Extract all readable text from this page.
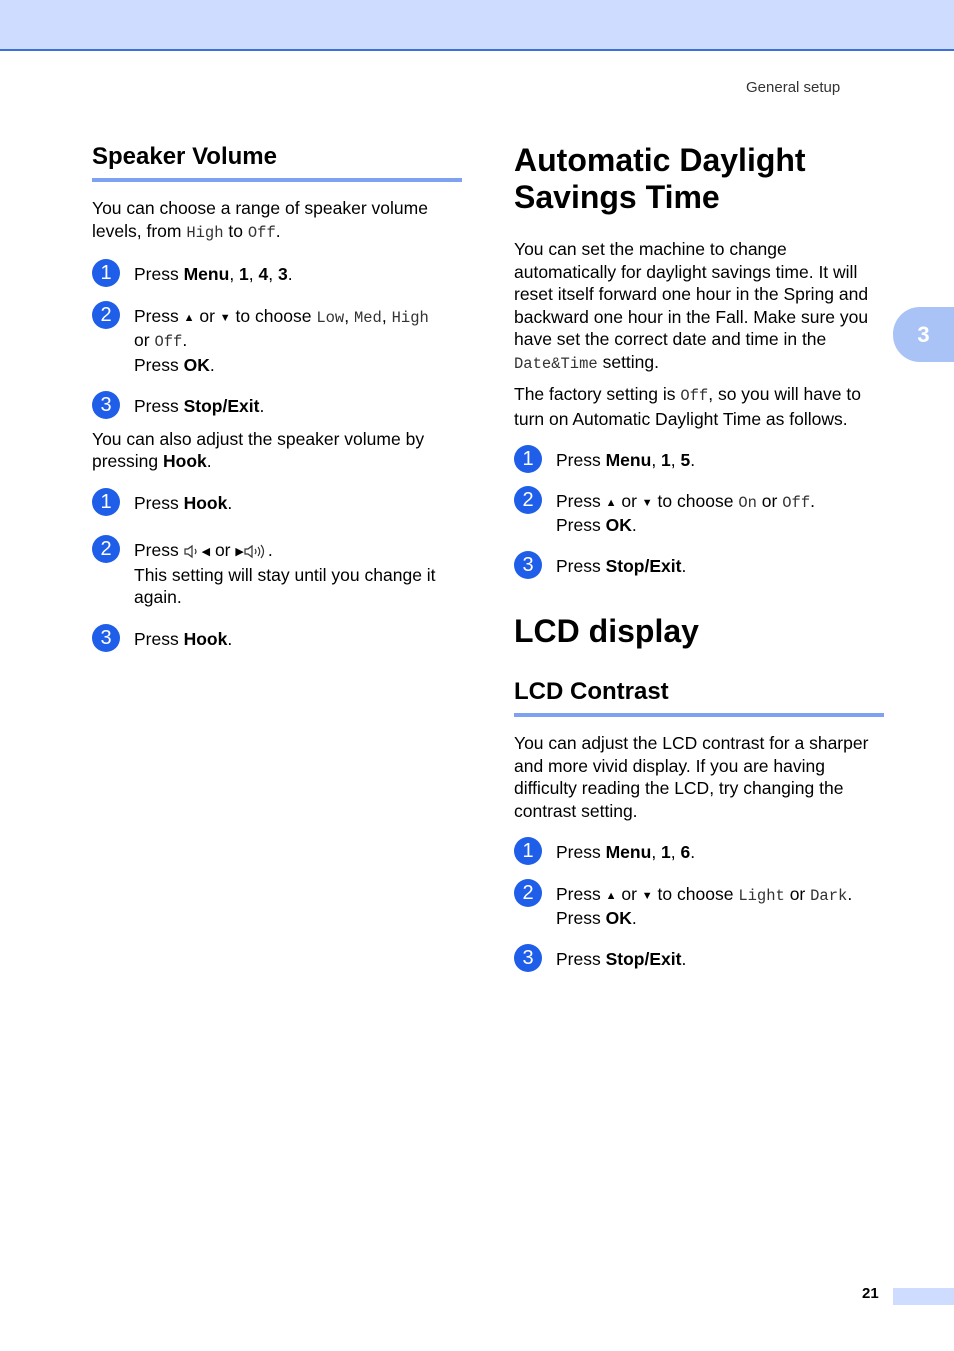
General setup
3
Speaker Volume

You can choose a range of speaker volume levels, from High to Off.

1	Press Menu, 1, 4, 3.

2	Press ▲ or ▼ to choose Low, Med, High
or Off.
Press OK.

3	Press Stop/Exit.

You can also adjust the speaker volume by pressing Hook.

1	Press Hook.

2	Press ◀ or ▶ .
This setting will stay until you change it again.

3	Press Hook.

Automatic Daylight
Savings Time

You can set the machine to change automatically for daylight savings time. It will reset itself forward one hour in the Spring and backward one hour in the Fall. Make sure you have set the correct date and time in the Date&Time setting.

The factory setting is Off, so you will have to turn on Automatic Daylight Time as follows.

1	Press Menu, 1, 5.

2	Press ▲ or ▼ to choose On or Off.
Press OK.

3	Press Stop/Exit.

LCD display
LCD Contrast

You can adjust the LCD contrast for a sharper and more vivid display. If you are having difficulty reading the LCD, try changing the contrast setting.

1	Press Menu, 1, 6.

2	Press ▲ or ▼ to choose Light or Dark.
Press OK.

3	Press Stop/Exit.

21
